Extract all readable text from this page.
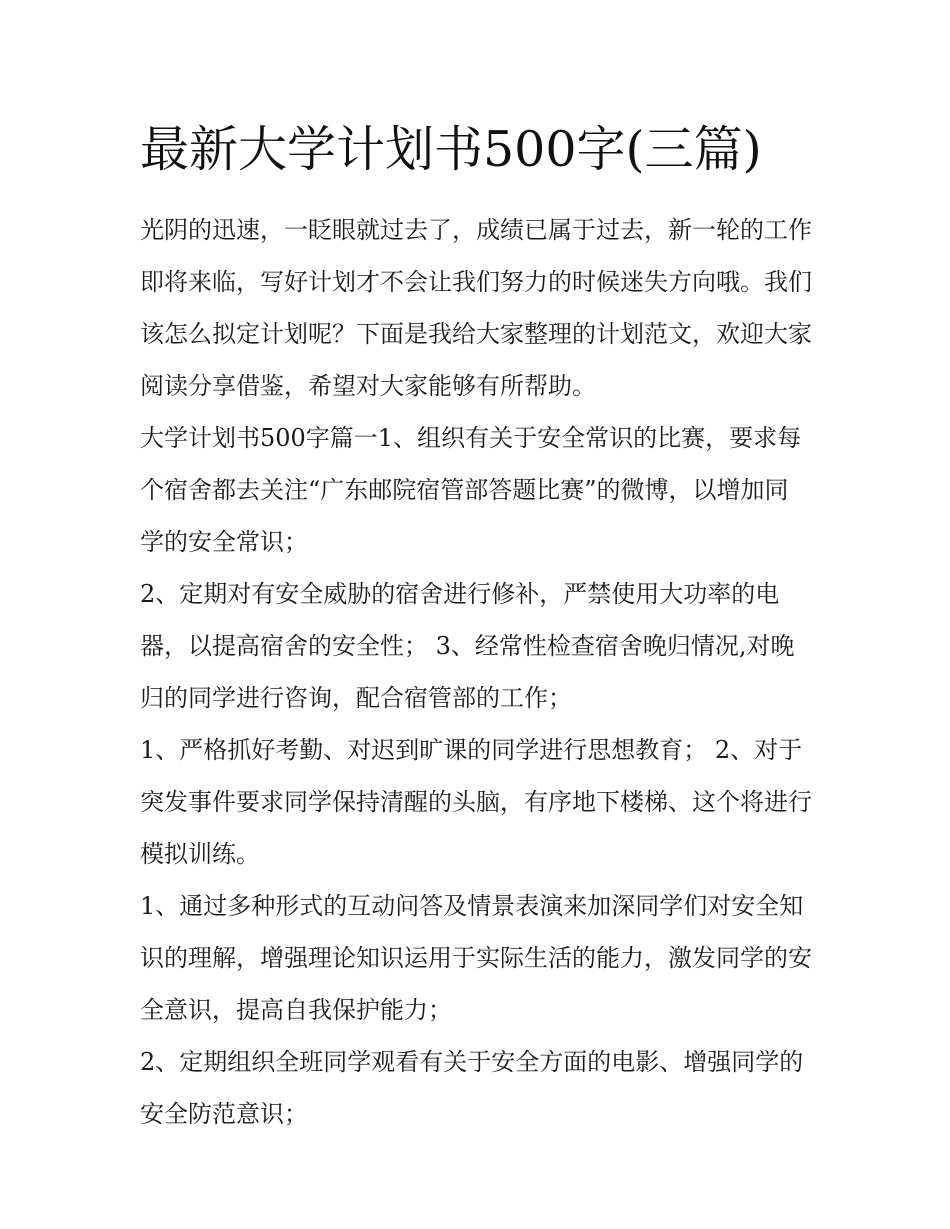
最新大学计划书500字(三篇)

光阴的迅速，一眨眼就过去了，成绩已属于过去，新一轮的工作即将来临，写好计划才不会让我们努力的时候迷失方向哦。我们该怎么拟定计划呢？下面是我给大家整理的计划范文，欢迎大家阅读分享借鉴，希望对大家能够有所帮助。

大学计划书500字篇一1、组织有关于安全常识的比赛，要求每个宿舍都去关注“广东邮院宿管部答题比赛”的微博，以增加同学的安全常识；

2、定期对有安全威胁的宿舍进行修补，严禁使用大功率的电器，以提高宿舍的安全性； 3、经常性检查宿舍晚归情况,对晚归的同学进行咨询，配合宿管部的工作；

1、严格抓好考勤、对迟到旷课的同学进行思想教育； 2、对于突发事件要求同学保持清醒的头脑，有序地下楼梯、这个将进行模拟训练。

1、通过多种形式的互动问答及情景表演来加深同学们对安全知识的理解，增强理论知识运用于实际生活的能力，激发同学的安全意识，提高自我保护能力；

2、定期组织全班同学观看有关于安全方面的电影、增强同学的安全防范意识；
